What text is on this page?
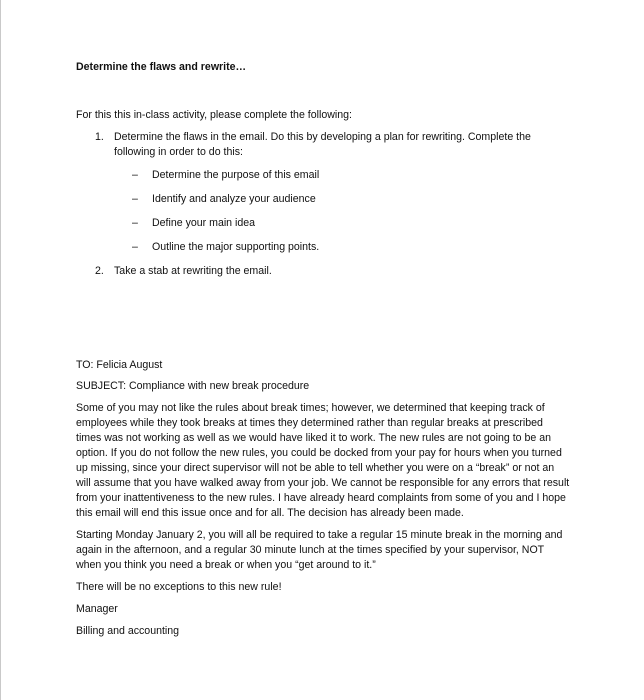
Determine the flaws and rewrite…

For this this in-class activity, please complete the following:

1. Determine the flaws in the email. Do this by developing a plan for rewriting. Complete the following in order to do this:
– Determine the purpose of this email
– Identify and analyze your audience
– Define your main idea
– Outline the major supporting points.
2. Take a stab at rewriting the email.

TO: Felicia August

SUBJECT: Compliance with new break procedure

Some of you may not like the rules about break times; however, we determined that keeping track of employees while they took breaks at times they determined rather than regular breaks at prescribed times was not working as well as we would have liked it to work. The new rules are not going to be an option. If you do not follow the new rules, you could be docked from your pay for hours when you turned up missing, since your direct supervisor will not be able to tell whether you were on a “break” or not an will assume that you have walked away from your job. We cannot be responsible for any errors that result from your inattentiveness to the new rules. I have already heard complaints from some of you and I hope this email will end this issue once and for all. The decision has already been made.

Starting Monday January 2, you will all be required to take a regular 15 minute break in the morning and again in the afternoon, and a regular 30 minute lunch at the times specified by your supervisor, NOT when you think you need a break or when you “get around to it.”

There will be no exceptions to this new rule!

Manager

Billing and accounting
